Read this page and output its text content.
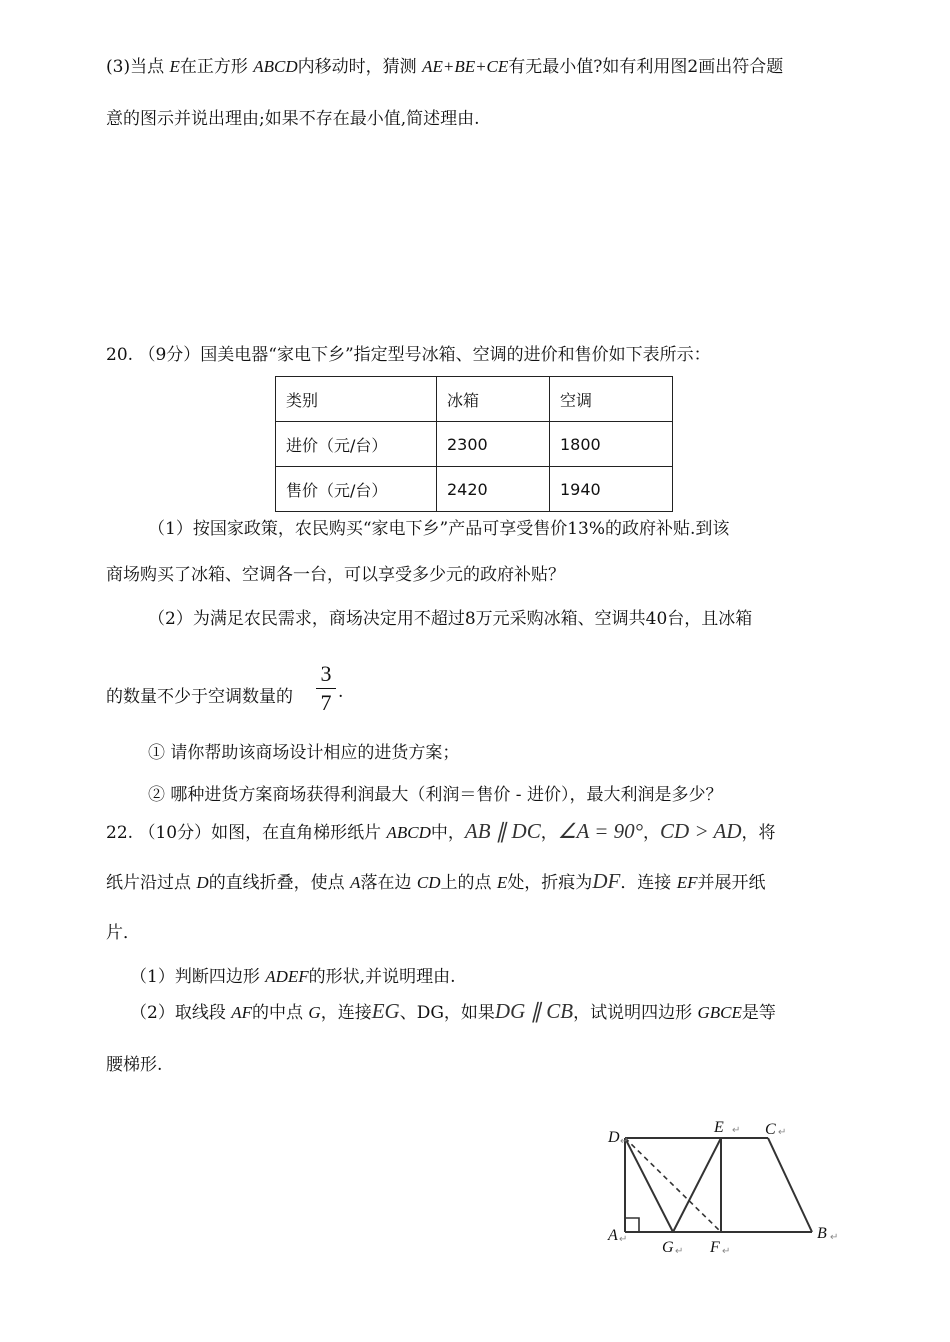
(3)当点 E在正方形 ABCD内移动时，猜测 AE+BE+CE有无最小值?如有利用图2画出符合题
意的图示并说出理由;如果不存在最小值,简述理由.
20. （9分）国美电器“家电下乡”指定型号冰箱、空调的进价和售价如下表所示：
类别	冰箱	空调
进价（元/台）	2300	1800
售价（元/台）	2420	1940
（1）按国家政策，农民购买“家电下乡”产品可享受售价13%的政府补贴.到该
商场购买了冰箱、空调各一台，可以享受多少元的政府补贴？
（2）为满足农民需求，商场决定用不超过8万元采购冰箱、空调共40台，且冰箱
的数量不少于空调数量的
3
7 .
① 请你帮助该商场设计相应的进货方案；
② 哪种进货方案商场获得利润最大（利润＝售价 - 进价），最大利润是多少？
22. （10分）如图，在直角梯形纸片 ABCD中，AB ∥ DC，∠A = 90°，CD > AD，将
纸片沿过点 D的直线折叠，使点 A落在边 CD上的点 E处，折痕为DF．连接 EF并展开纸
片．
（1）判断四边形 ADEF的形状,并说明理由.
（2）取线段 AF的中点 G，连接EG、DG，如果DG ∥ CB，试说明四边形 GBCE是等
腰梯形.
D
E	C
A
G F
B
↵	↵
↵
↵	↵
↵
↵
